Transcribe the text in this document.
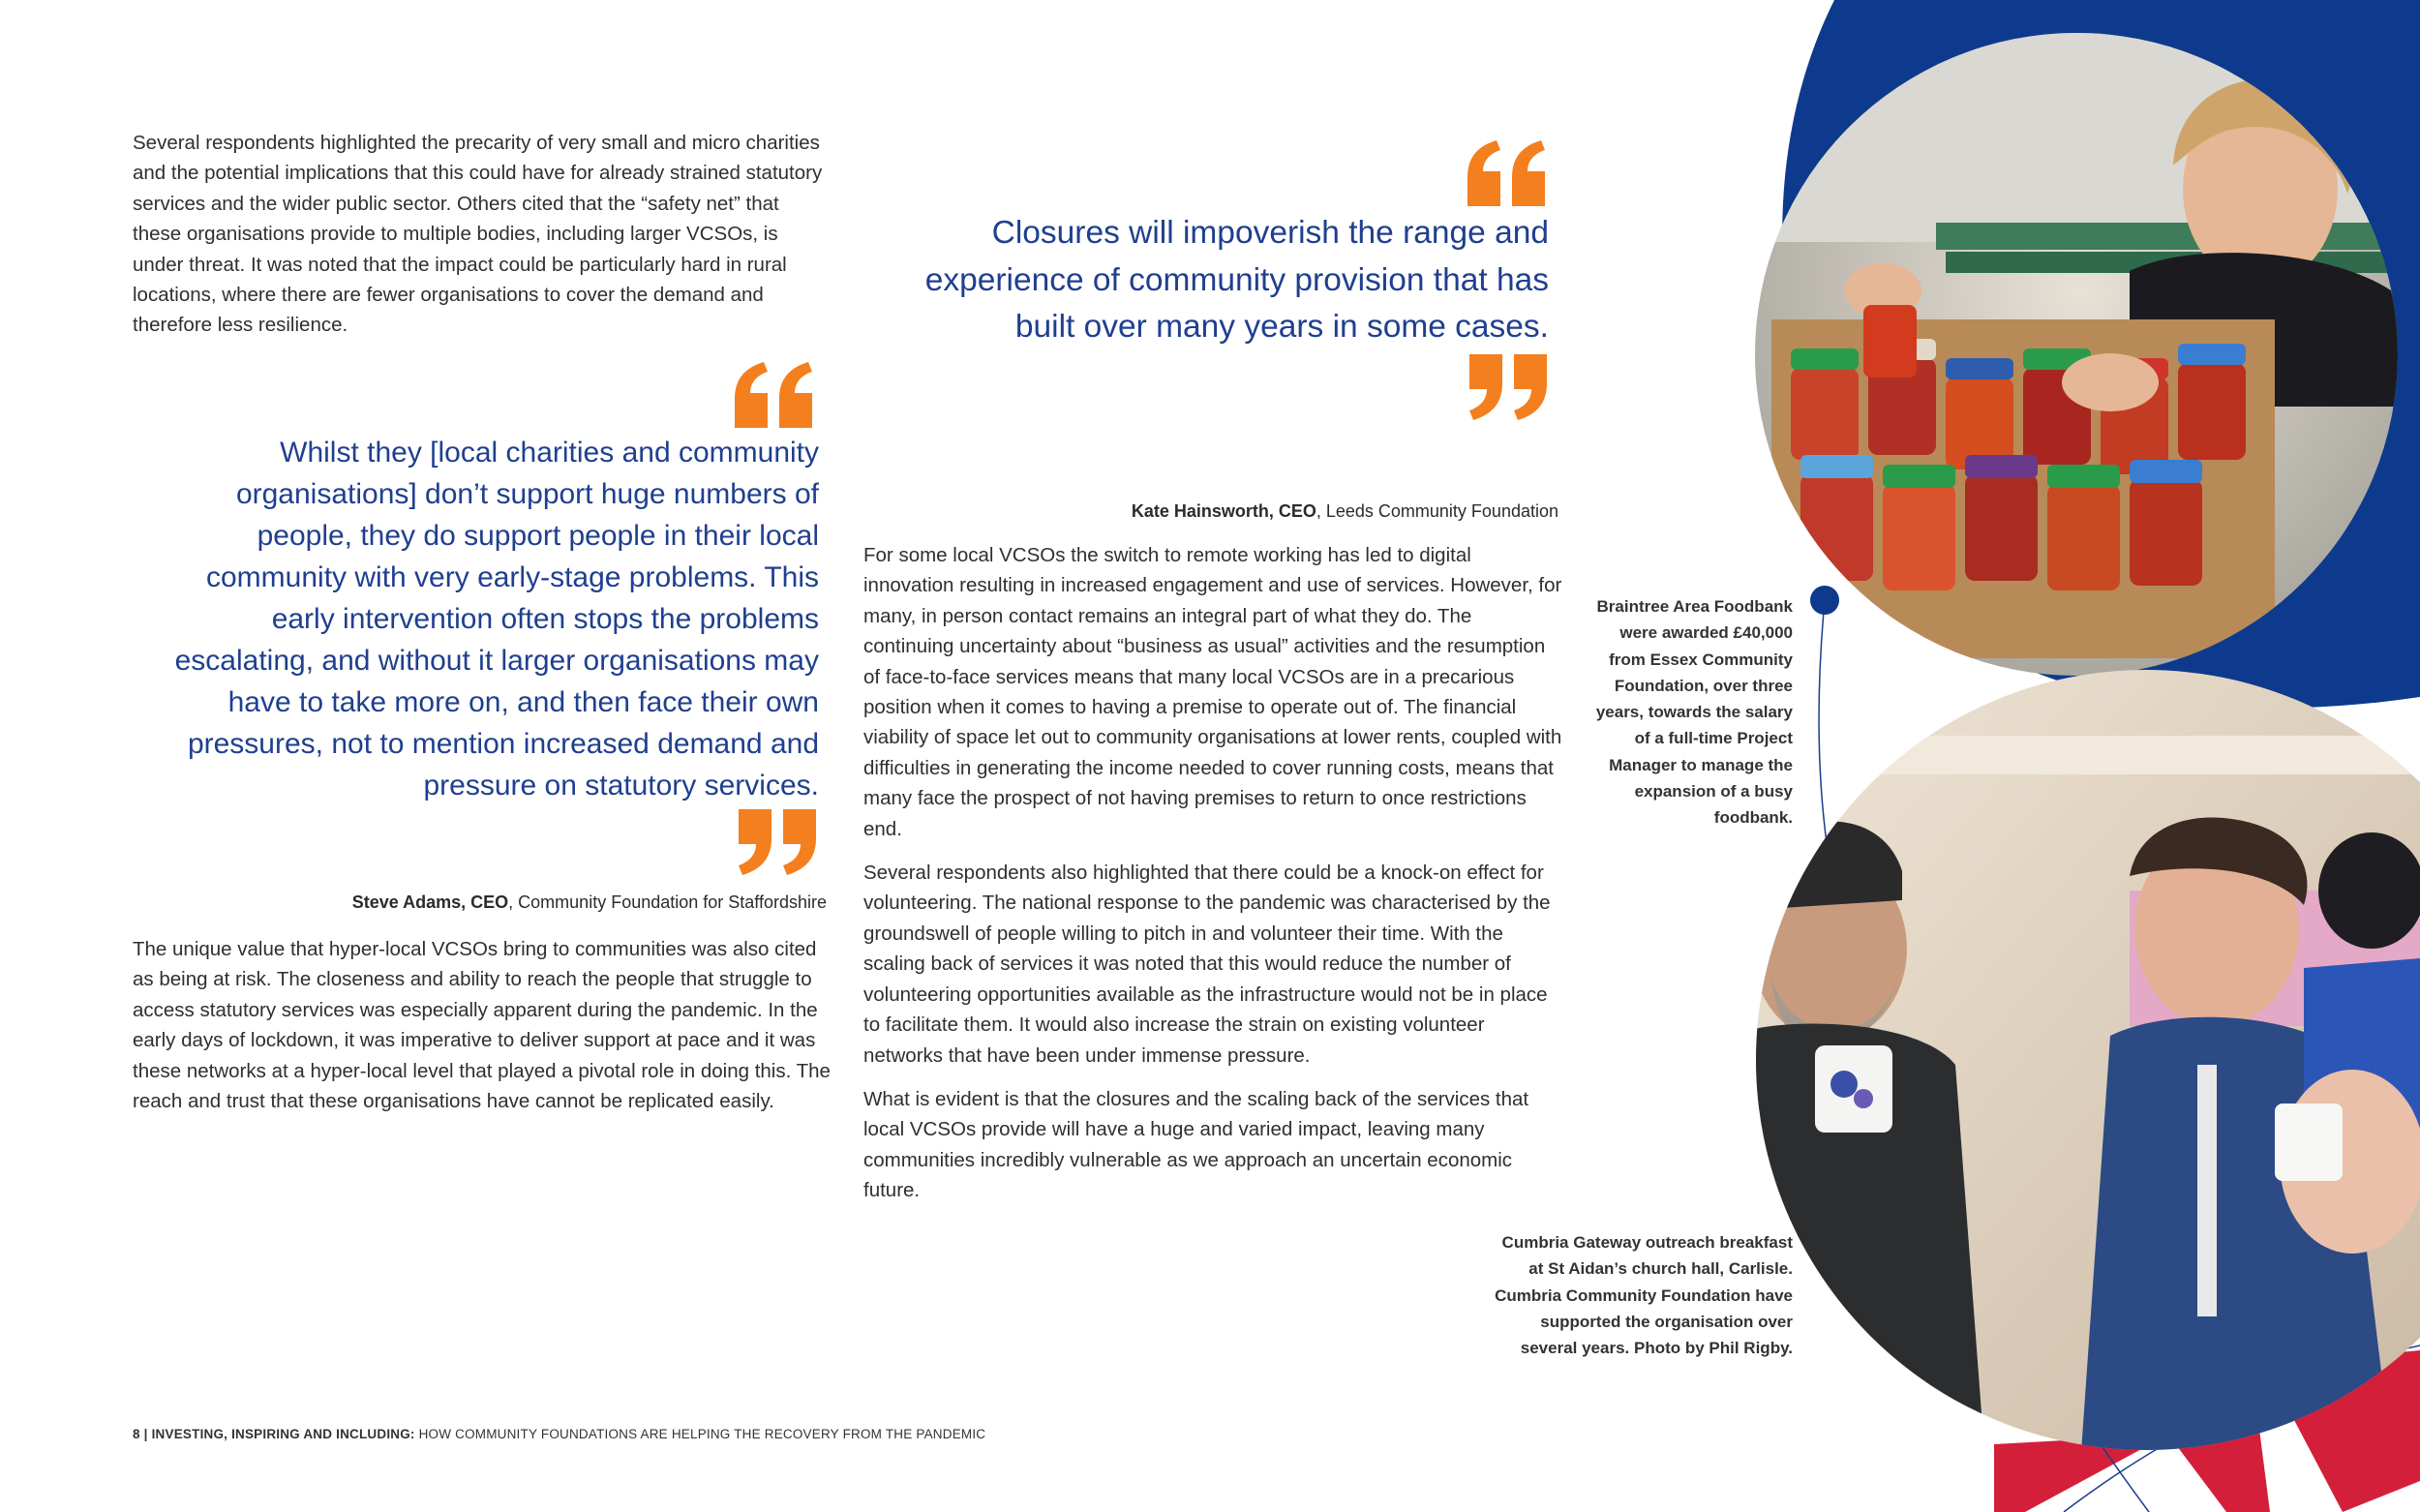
Several respondents highlighted the precarity of very small and micro charities and the potential implications that this could have for already strained statutory services and the wider public sector. Others cited that the “safety net” that these organisations provide to multiple bodies, including larger VCSOs, is under threat. It was noted that the impact could be particularly hard in rural locations, where there are fewer organisations to cover the demand and therefore less resilience.

Whilst they [local charities and community organisations] don’t support huge numbers of people, they do support people in their local community with very early-stage problems. This early intervention often stops the problems escalating, and without it larger organisations may have to take more on, and then face their own pressures, not to mention increased demand and pressure on statutory services.
Steve Adams, CEO, Community Foundation for Staffordshire

The unique value that hyper-local VCSOs bring to communities was also cited as being at risk. The closeness and ability to reach the people that struggle to access statutory services was especially apparent during the pandemic. In the early days of lockdown, it was imperative to deliver support at pace and it was these networks at a hyper-local level that played a pivotal role in doing this. The reach and trust that these organisations have cannot be replicated easily.

Closures will impoverish the range and experience of community provision that has built over many years in some cases.
Kate Hainsworth, CEO, Leeds Community Foundation

For some local VCSOs the switch to remote working has led to digital innovation resulting in increased engagement and use of services. However, for many, in person contact remains an integral part of what they do. The continuing uncertainty about “business as usual” activities and the resumption of face-to-face services means that many local VCSOs are in a precarious position when it comes to having a premise to operate out of. The financial viability of space let out to community organisations at lower rents, coupled with difficulties in generating the income needed to cover running costs, means that many face the prospect of not having premises to return to once restrictions end.

Several respondents also highlighted that there could be a knock-on effect for volunteering. The national response to the pandemic was characterised by the groundswell of people willing to pitch in and volunteer their time. With the scaling back of services it was noted that this would reduce the number of volunteering opportunities available as the infrastructure would not be in place to facilitate them. It would also increase the strain on existing volunteer networks that have been under immense pressure.

What is evident is that the closures and the scaling back of the services that local VCSOs provide will have a huge and varied impact, leaving many communities incredibly vulnerable as we approach an uncertain economic future.

Braintree Area Foodbank were awarded £40,000 from Essex Community Foundation, over three years, towards the salary of a full-time Project Manager to manage the expansion of a busy foodbank.
Cumbria Gateway outreach breakfast at St Aidan’s church hall, Carlisle. Cumbria Community Foundation have supported the organisation over several years. Photo by Phil Rigby.
8 | INVESTING, INSPIRING AND INCLUDING: HOW COMMUNITY FOUNDATIONS ARE HELPING THE RECOVERY FROM THE PANDEMIC
